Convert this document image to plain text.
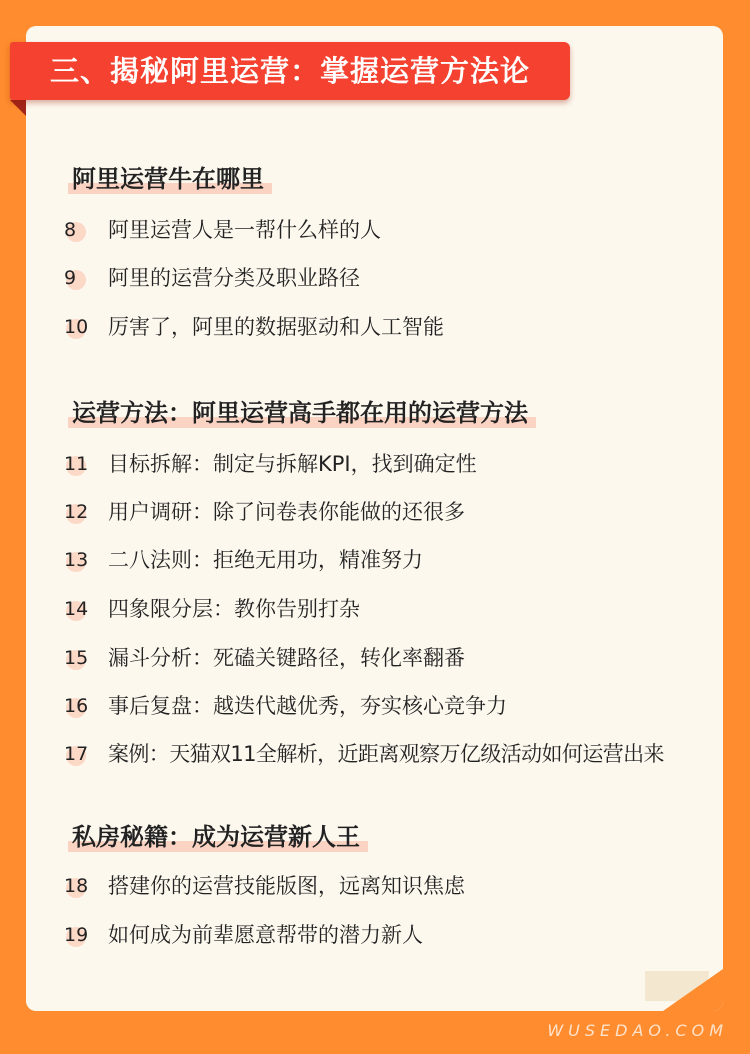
三、揭秘阿里运营：掌握运营方法论
阿里运营牛在哪里
8 阿里运营人是一帮什么样的人
9 阿里的运营分类及职业路径
10 厉害了，阿里的数据驱动和人工智能
运营方法：阿里运营高手都在用的运营方法
11 目标拆解：制定与拆解KPI，找到确定性
12 用户调研：除了问卷表你能做的还很多
13 二八法则：拒绝无用功，精准努力
14 四象限分层：教你告别打杂
15 漏斗分析：死磕关键路径，转化率翻番
16 事后复盘：越迭代越优秀，夯实核心竞争力
17 案例：天猫双11全解析，近距离观察万亿级活动如何运营出来
私房秘籍：成为运营新人王
18 搭建你的运营技能版图，远离知识焦虑
19 如何成为前辈愿意帮带的潜力新人
WUSEDAO.COM
